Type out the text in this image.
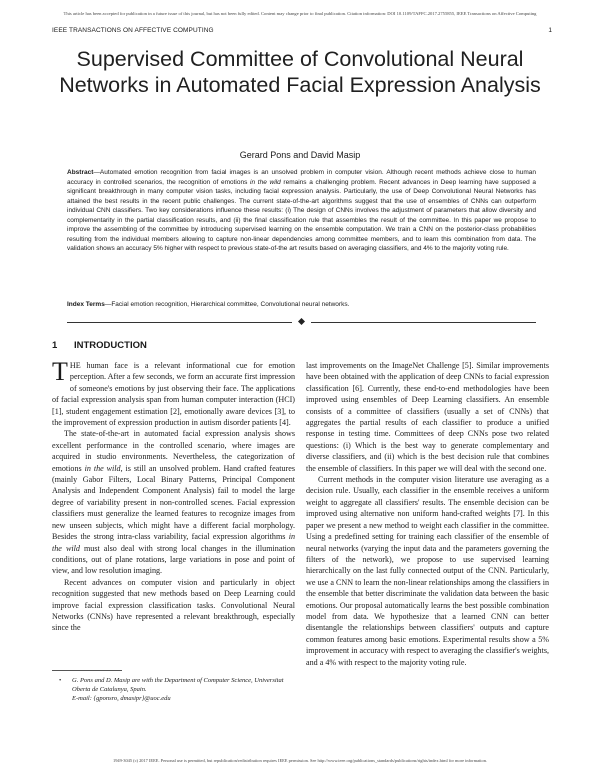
This article has been accepted for publication in a future issue of this journal, but has not been fully edited. Content may change prior to final publication. Citation information: DOI 10.1109/TAFFC.2017.2755855, IEEE Transactions on Affective Computing
IEEE TRANSACTIONS ON AFFECTIVE COMPUTING	1
Supervised Committee of Convolutional Neural Networks in Automated Facial Expression Analysis
Gerard Pons and David Masip

Abstract—Automated emotion recognition from facial images is an unsolved problem in computer vision. Although recent methods achieve close to human accuracy in controlled scenarios, the recognition of emotions in the wild remains a challenging problem. Recent advances in Deep learning have supposed a significant breakthrough in many computer vision tasks, including facial expression analysis. Particularly, the use of Deep Convolutional Neural Networks has attained the best results in the recent public challenges. The current state-of-the-art algorithms suggest that the use of ensembles of CNNs can outperform individual CNN classifiers. Two key considerations influence these results: (i) The design of CNNs involves the adjustment of parameters that allow diversity and complementarity in the partial classification results, and (ii) the final classification rule that assembles the result of the committee. In this paper we propose to improve the assembling of the committee by introducing supervised learning on the ensemble computation. We train a CNN on the posterior-class probabilities resulting from the individual members allowing to capture non-linear dependencies among committee members, and to learn this combination from data. The validation shows an accuracy 5% higher with respect to previous state-of-the art results based on averaging classifiers, and 4% to the majority voting rule.

Index Terms—Facial emotion recognition, Hierarchical committee, Convolutional neural networks.
1 INTRODUCTION

THE human face is a relevant informational cue for emotion perception. After a few seconds, we form an accurate first impression of someone's emotions by just observing their face. The applications of facial expression analysis span from human computer interaction (HCI) [1], student engagement estimation [2], emotionally aware devices [3], to the improvement of expression production in autism disorder patients [4].

The state-of-the-art in automated facial expression analysis shows excellent performance in the controlled scenario, where images are acquired in studio environments. Nevertheless, the categorization of emotions in the wild, is still an unsolved problem. Hand crafted features (mainly Gabor Filters, Local Binary Patterns, Principal Component Analysis and Independent Component Analysis) fail to model the large degree of variability present in non-controlled scenes. Facial expression classifiers must generalize the learned features to recognize images from new unseen subjects, which might have a different facial morphology. Besides the strong intra-class variability, facial expression algorithms in the wild must also deal with strong local changes in the illumination conditions, out of plane rotations, large variations in pose and point of view, and low resolution imaging.

Recent advances on computer vision and particularly in object recognition suggested that new methods based on Deep Learning could improve facial expression classification tasks. Convolutional Neural Networks (CNNs) have represented a relevant breakthrough, especially since the

last improvements on the ImageNet Challenge [5]. Similar improvements have been obtained with the application of deep CNNs to facial expression classification [6]. Currently, these end-to-end methodologies have been improved using ensembles of Deep Learning classifiers. An ensemble consists of a committee of classifiers (usually a set of CNNs) that aggregates the partial results of each classifier to produce a unified response in testing time. Committees of deep CNNs pose two related questions: (i) Which is the best way to generate complementary and diverse classifiers, and (ii) which is the best decision rule that combines the ensemble of classifiers. In this paper we will deal with the second one.

Current methods in the computer vision literature use averaging as a decision rule. Usually, each classifier in the ensemble receives a uniform weight to aggregate all classifiers' results. The ensemble decision can be improved using alternative non uniform hand-crafted weights [7]. In this paper we present a new method to weight each classifier in the committee. Using a predefined setting for training each classifier of the ensemble of neural networks (varying the input data and the parameters governing the filters of the network), we propose to use supervised learning hierarchically on the last fully connected output of the CNN. Particularly, we use a CNN to learn the non-linear relationships among the classifiers in the ensemble that better discriminate the validation data between the basic emotions. Our proposal automatically learns the best possible combination model from data. We hypothesize that a learned CNN can better disentangle the relationships between classifiers' outputs and capture common features among basic emotions. Experimental results show a 5% improvement in accuracy with respect to averaging the classifier's weights, and a 4% with respect to the majority voting rule.

• G. Pons and D. Masip are with the Department of Computer Science, Universitat Oberta de Catalunya, Spain.
E-mail: {gponsro, dmasipr}@uoc.edu
1949-3045 (c) 2017 IEEE. Personal use is permitted, but republication/redistribution requires IEEE permission. See http://www.ieee.org/publications_standards/publications/rights/index.html for more information.
